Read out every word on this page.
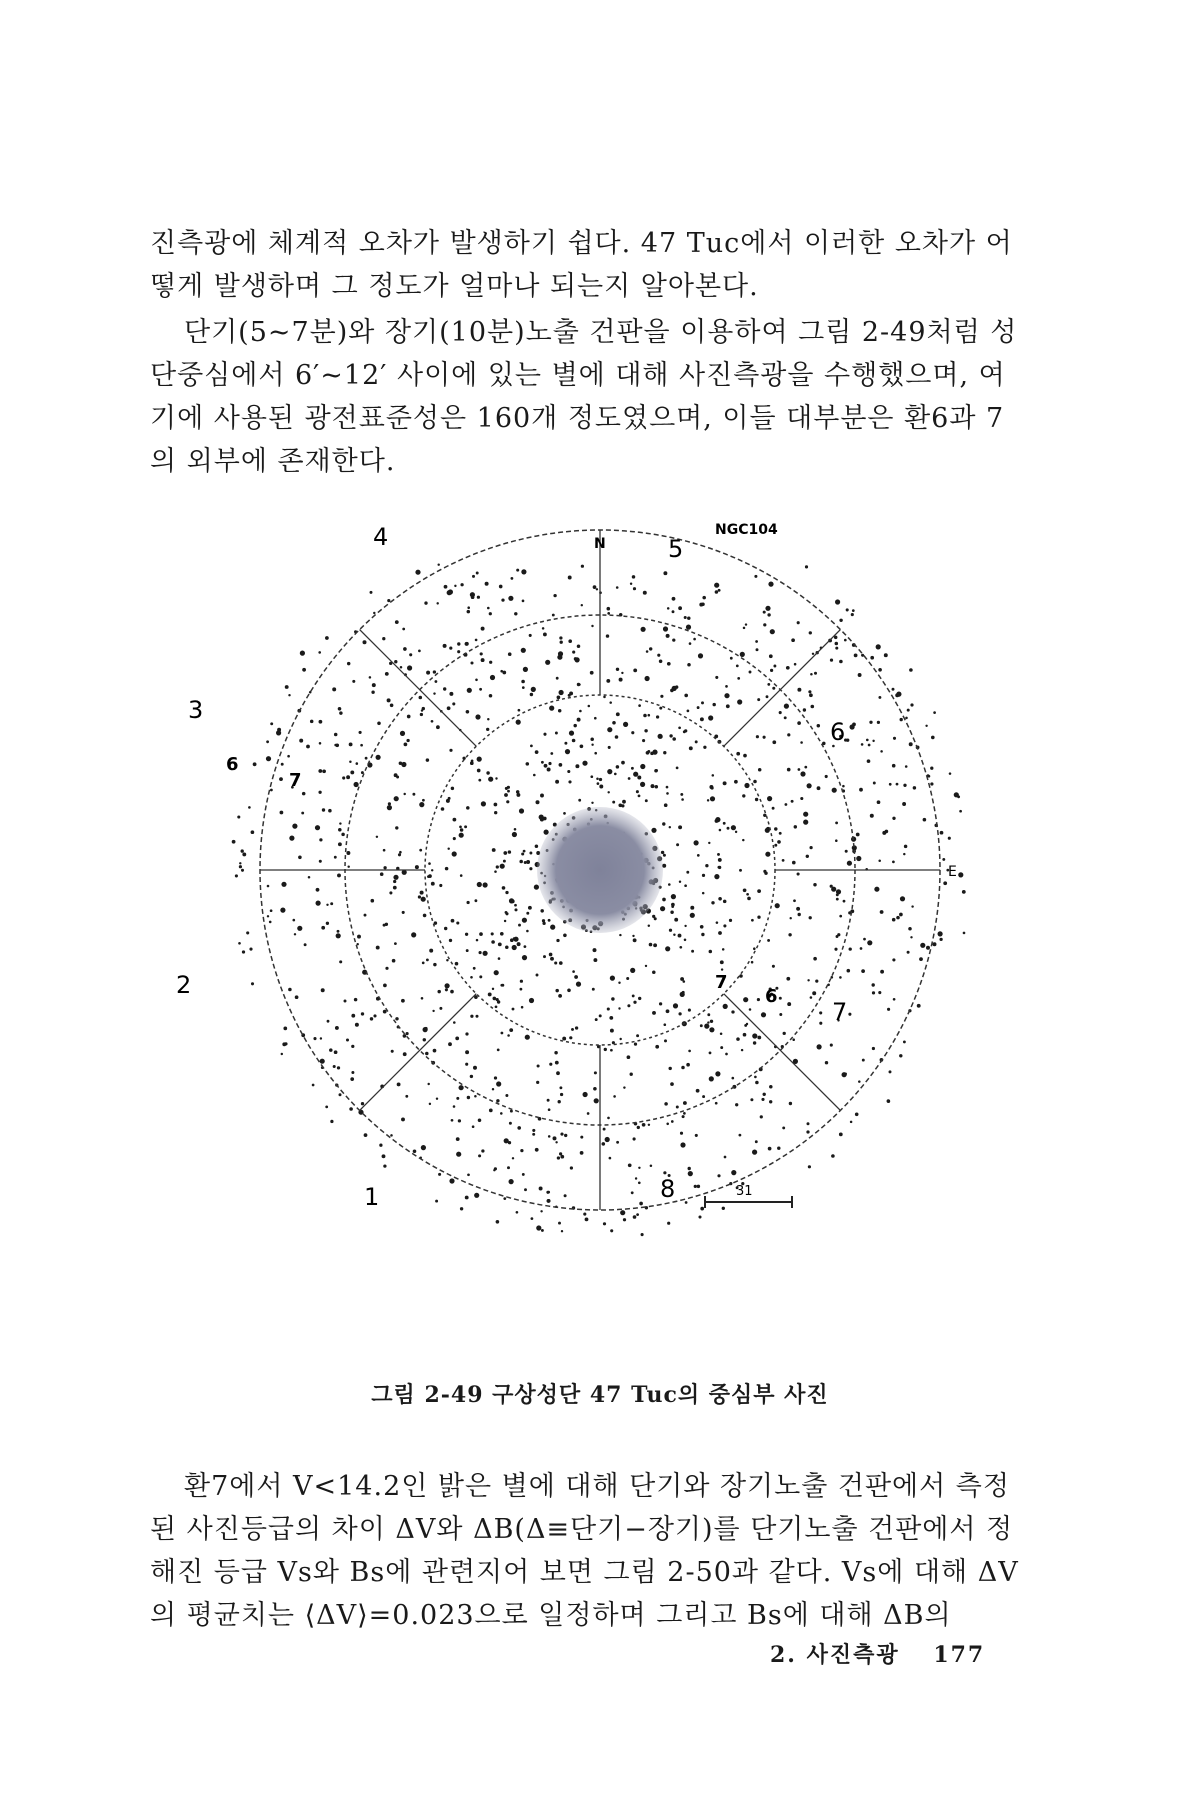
진측광에 체계적 오차가 발생하기 쉽다. 47 Tuc에서 이러한 오차가 어떻게 발생하며 그 정도가 얼마나 되는지 알아본다.

단기(5~7분)와 장기(10분)노출 건판을 이용하여 그림 2-49처럼 성단중심에서 6′~12′ 사이에 있는 별에 대해 사진측광을 수행했으며, 여기에 사용된 광전표준성은 160개 정도였으며, 이들 대부분은 환6과 7의 외부에 존재한다.

N
E
NGC104
1
2
3
4	5
6
7
8
6
7
6
7
31
그림 2-49 구상성단 47 Tuc의 중심부 사진

환7에서 V<14.2인 밝은 별에 대해 단기와 장기노출 건판에서 측정된 사진등급의 차이 ΔV와 ΔB(Δ≡단기−장기)를 단기노출 건판에서 정해진 등급 Vs와 Bs에 관련지어 보면 그림 2-50과 같다. Vs에 대해 ΔV의 평균치는 ⟨ΔV⟩=0.023으로 일정하며 그리고 Bs에 대해 ΔB의

2. 사진측광 177
